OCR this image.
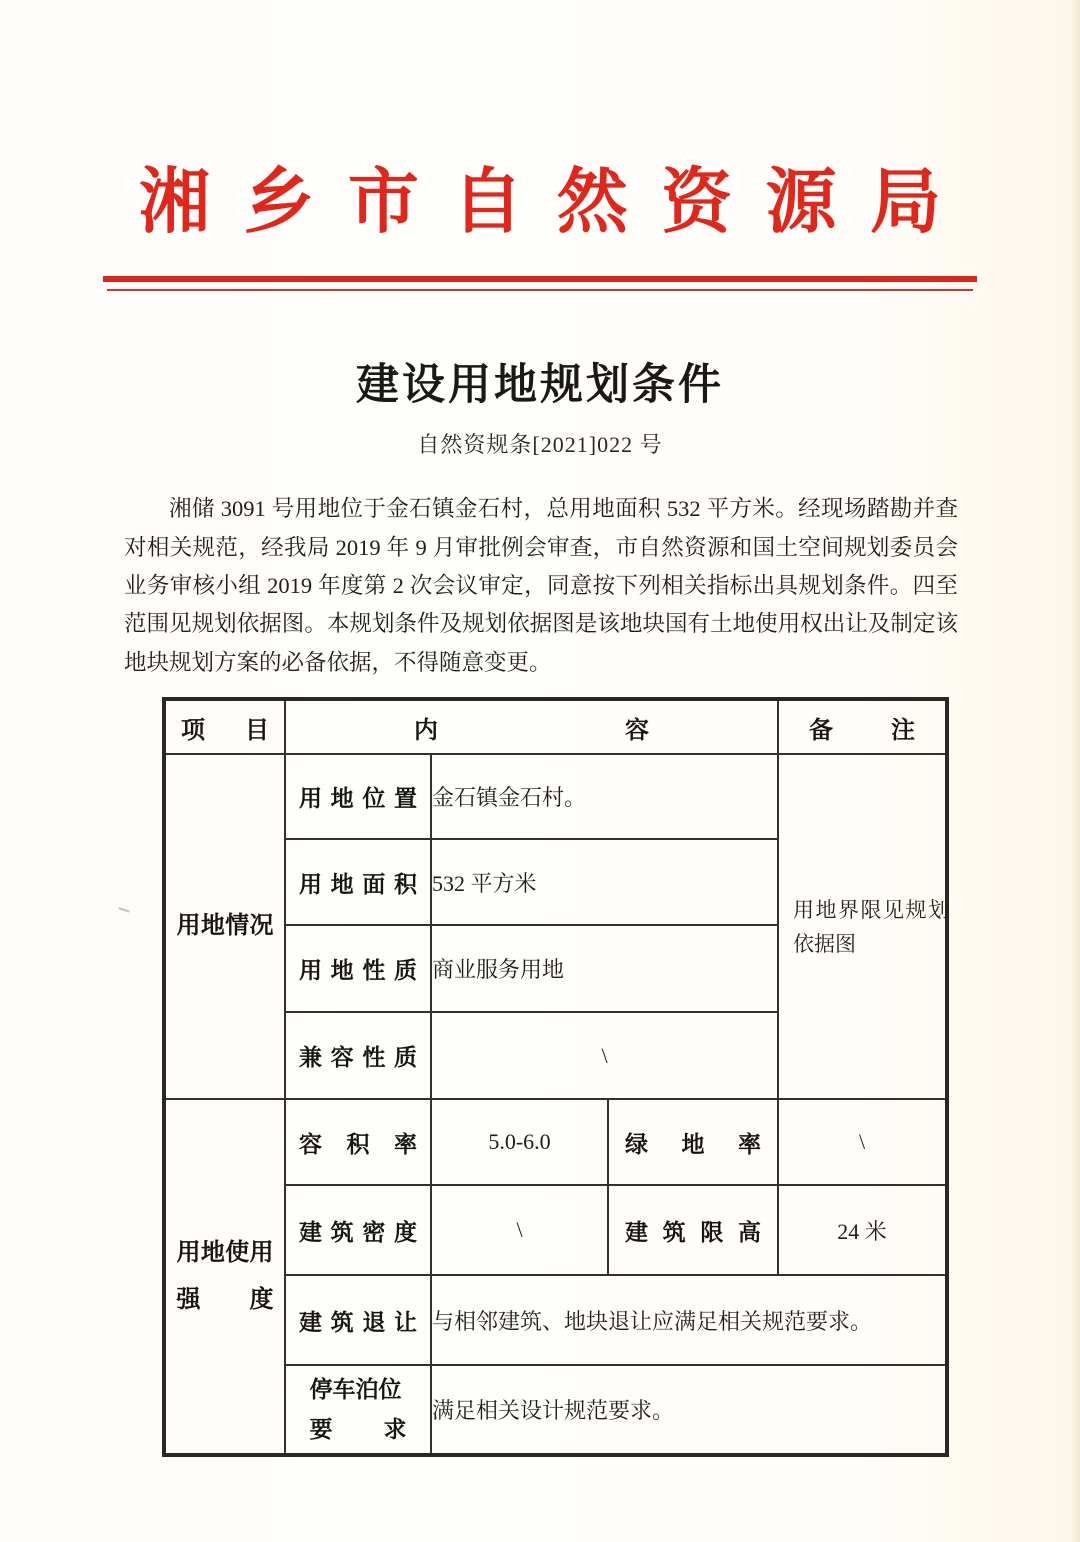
湘乡市自然资源局
建设用地规划条件
自然资规条[2021]022 号

湘储 3091 号用地位于金石镇金石村，总用地面积 532 平方米。经现场踏勘并查对相关规范，经我局 2019 年 9 月审批例会审查，市自然资源和国土空间规划委员会业务审核小组 2019 年度第 2 次会议审定，同意按下列相关指标出具规划条件。四至范围见规划依据图。本规划条件及规划依据图是该地块国有土地使用权出让及制定该地块规划方案的必备依据，不得随意变更。

项目	内容			备注

用地情况	用地位置	金石镇金石村。		用地界限见规划依据图

	用地面积	532 平方米		

	用地性质	商业服务用地		

	兼容性质	\		

用地使用
强度	容积率	5.0-6.0	绿地率	\

	建筑密度	\	建筑限高	24 米

	建筑退让	与相邻建筑、地块退让应满足相关规范要求。		

	停车泊位
要求	满足相关设计规范要求。		
